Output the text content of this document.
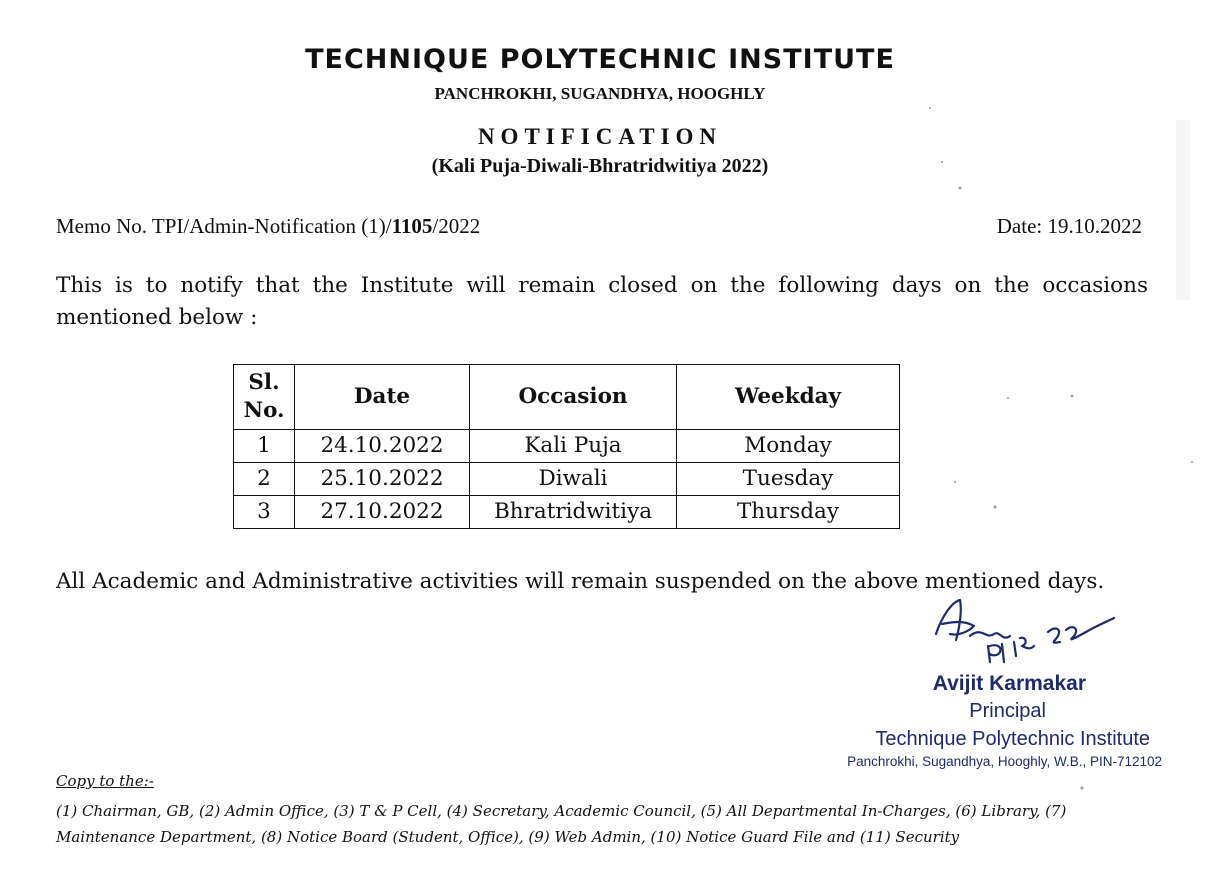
TECHNIQUE POLYTECHNIC INSTITUTE
PANCHROKHI, SUGANDHYA, HOOGHLY
NOTIFICATION
(Kali Puja-Diwali-Bhratridwitiya 2022)
Memo No. TPI/Admin-Notification (1)/1105/2022	Date: 19.10.2022
This is to notify that the Institute will remain closed on the following days on the occasions mentioned below :
Sl.
No.	Date	Occasion	Weekday
1	24.10.2022	Kali Puja	Monday
2	25.10.2022	Diwali	Tuesday
3	27.10.2022	Bhratridwitiya	Thursday
All Academic and Administrative activities will remain suspended on the above mentioned days.
Avijit Karmakar
Principal
Technique Polytechnic Institute
Panchrokhi, Sugandhya, Hooghly, W.B., PIN-712102
Copy to the:-
(1) Chairman, GB, (2) Admin Office, (3) T & P Cell, (4) Secretary, Academic Council, (5) All Departmental In-Charges, (6) Library, (7) Maintenance Department, (8) Notice Board (Student, Office), (9) Web Admin, (10) Notice Guard File and (11) Security
